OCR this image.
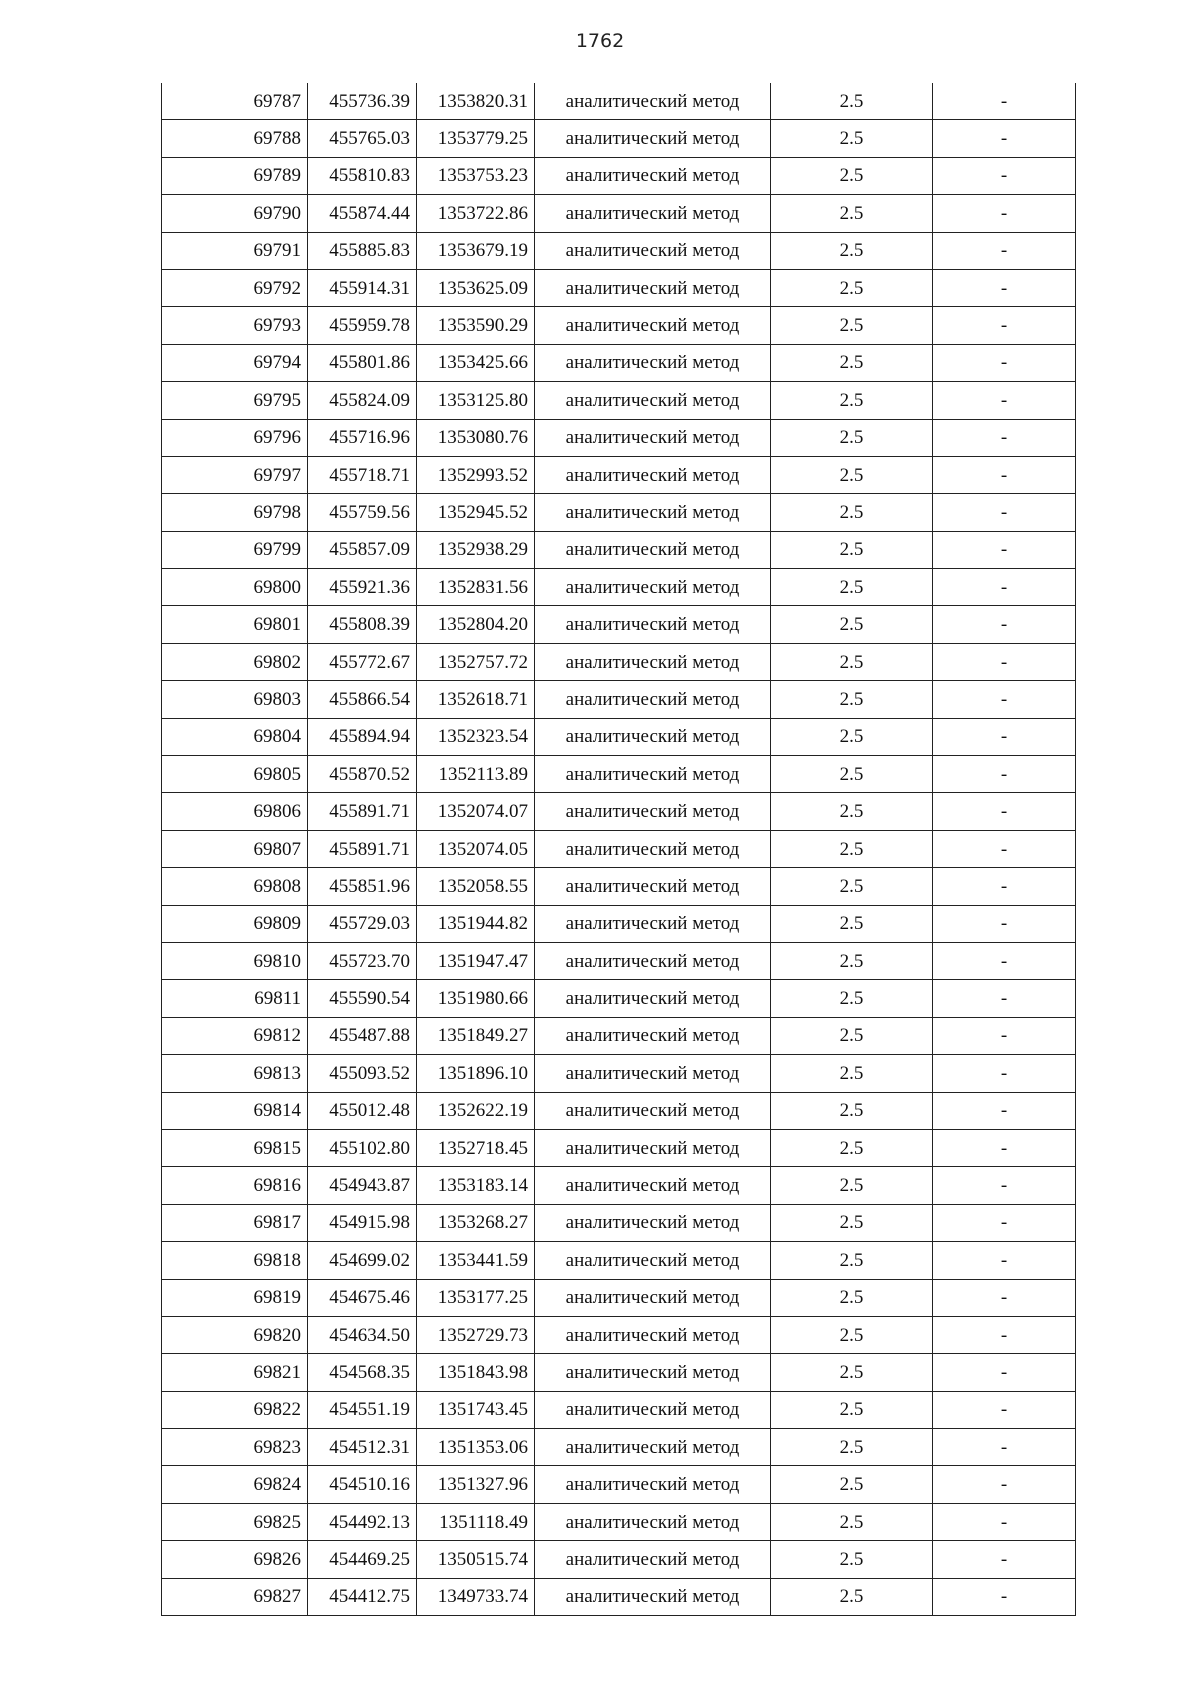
1762
69787	455736.39	1353820.31	аналитический метод	2.5	-
69788	455765.03	1353779.25	аналитический метод	2.5	-
69789	455810.83	1353753.23	аналитический метод	2.5	-
69790	455874.44	1353722.86	аналитический метод	2.5	-
69791	455885.83	1353679.19	аналитический метод	2.5	-
69792	455914.31	1353625.09	аналитический метод	2.5	-
69793	455959.78	1353590.29	аналитический метод	2.5	-
69794	455801.86	1353425.66	аналитический метод	2.5	-
69795	455824.09	1353125.80	аналитический метод	2.5	-
69796	455716.96	1353080.76	аналитический метод	2.5	-
69797	455718.71	1352993.52	аналитический метод	2.5	-
69798	455759.56	1352945.52	аналитический метод	2.5	-
69799	455857.09	1352938.29	аналитический метод	2.5	-
69800	455921.36	1352831.56	аналитический метод	2.5	-
69801	455808.39	1352804.20	аналитический метод	2.5	-
69802	455772.67	1352757.72	аналитический метод	2.5	-
69803	455866.54	1352618.71	аналитический метод	2.5	-
69804	455894.94	1352323.54	аналитический метод	2.5	-
69805	455870.52	1352113.89	аналитический метод	2.5	-
69806	455891.71	1352074.07	аналитический метод	2.5	-
69807	455891.71	1352074.05	аналитический метод	2.5	-
69808	455851.96	1352058.55	аналитический метод	2.5	-
69809	455729.03	1351944.82	аналитический метод	2.5	-
69810	455723.70	1351947.47	аналитический метод	2.5	-
69811	455590.54	1351980.66	аналитический метод	2.5	-
69812	455487.88	1351849.27	аналитический метод	2.5	-
69813	455093.52	1351896.10	аналитический метод	2.5	-
69814	455012.48	1352622.19	аналитический метод	2.5	-
69815	455102.80	1352718.45	аналитический метод	2.5	-
69816	454943.87	1353183.14	аналитический метод	2.5	-
69817	454915.98	1353268.27	аналитический метод	2.5	-
69818	454699.02	1353441.59	аналитический метод	2.5	-
69819	454675.46	1353177.25	аналитический метод	2.5	-
69820	454634.50	1352729.73	аналитический метод	2.5	-
69821	454568.35	1351843.98	аналитический метод	2.5	-
69822	454551.19	1351743.45	аналитический метод	2.5	-
69823	454512.31	1351353.06	аналитический метод	2.5	-
69824	454510.16	1351327.96	аналитический метод	2.5	-
69825	454492.13	1351118.49	аналитический метод	2.5	-
69826	454469.25	1350515.74	аналитический метод	2.5	-
69827	454412.75	1349733.74	аналитический метод	2.5	-
